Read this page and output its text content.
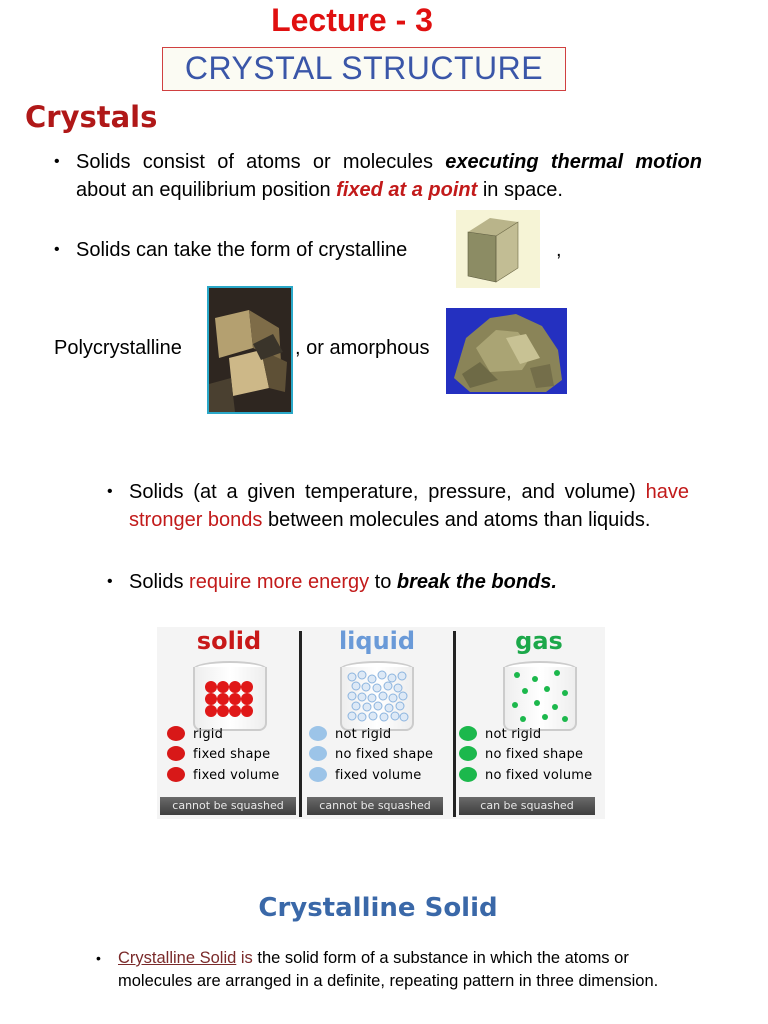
Lecture - 3
CRYSTAL STRUCTURE
Crystals
• Solids consist of atoms or molecules executing thermal motion about an equilibrium position fixed at a point in space.
• Solids can take the form of crystalline	,
Polycrystalline	, or amorphous
• Solids (at a given temperature, pressure, and volume) have stronger bonds between molecules and atoms than liquids.
• Solids require more energy to break the bonds.
solid
rigid
fixed shape
fixed volume
cannot be squashed
liquid
not rigid
no fixed shape
fixed volume
cannot be squashed
gas
not rigid
no fixed shape
no fixed volume
can be squashed
Crystalline Solid
• Crystalline Solid is the solid form of a substance in which the atoms or molecules are arranged in a definite, repeating pattern in three dimension.
